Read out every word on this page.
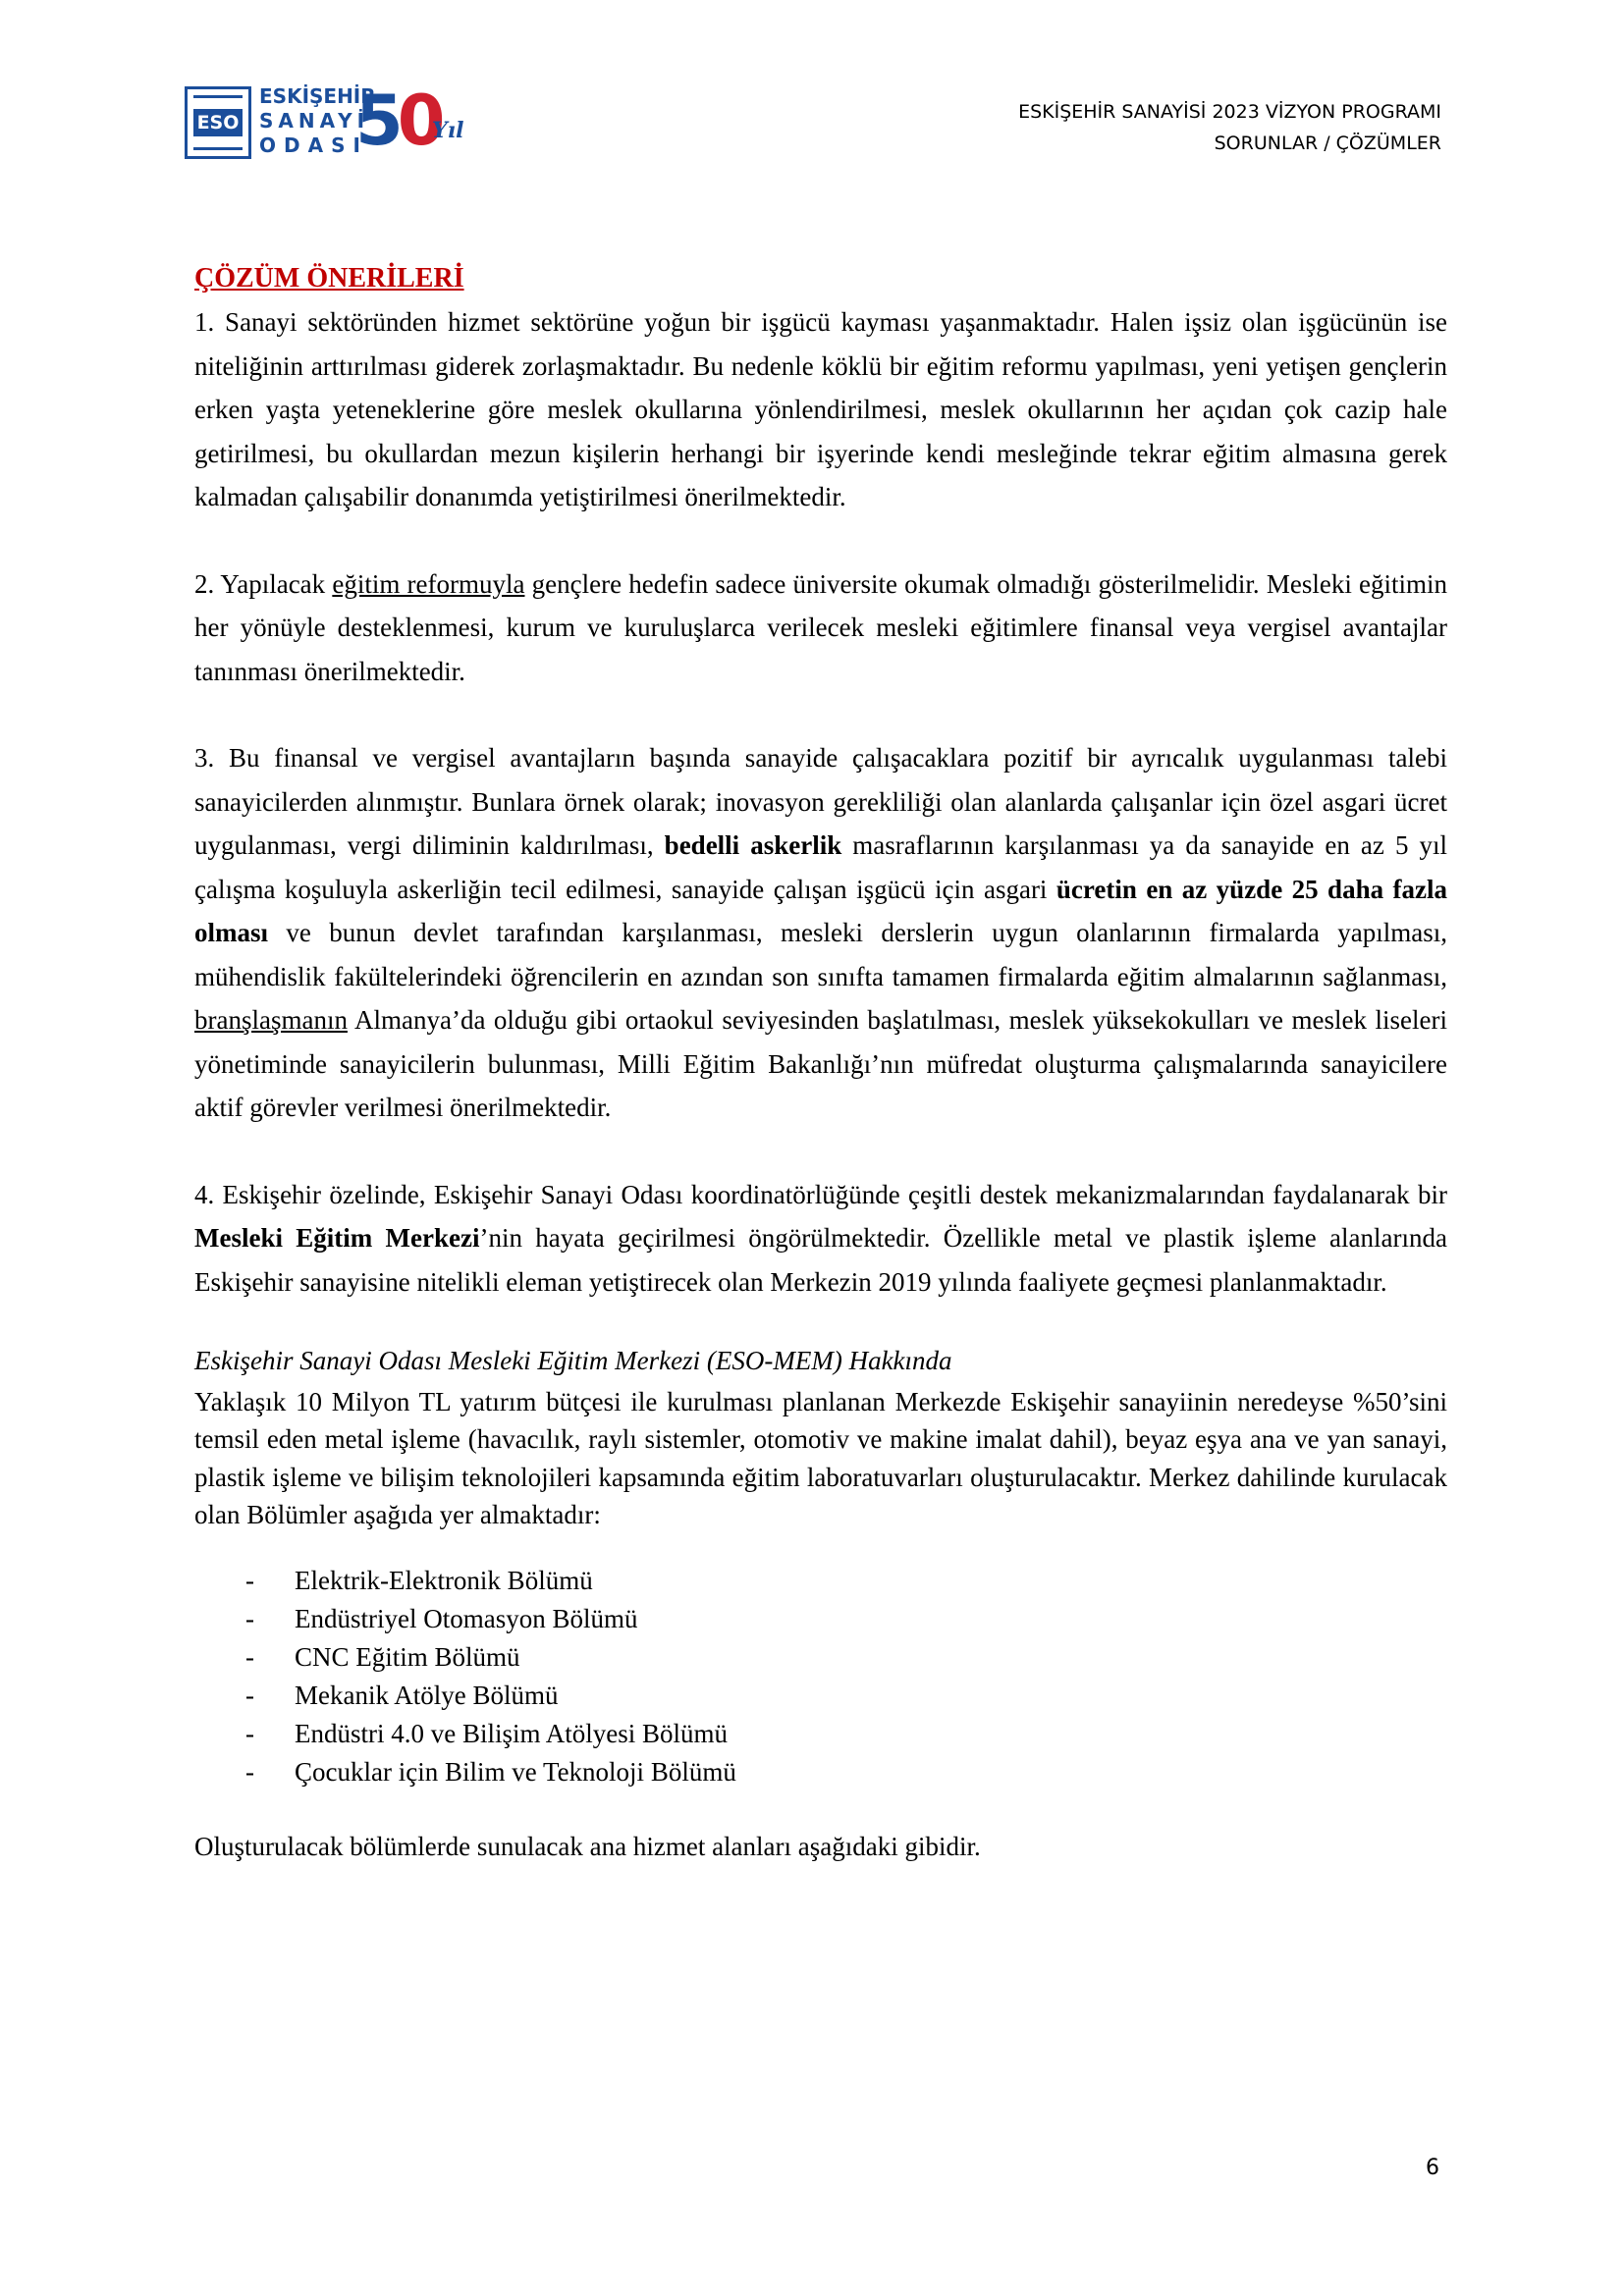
ESO
ESKİŞEHİR
SANAYİ
ODASI
50
Yıl
ESKİŞEHİR SANAYİSİ 2023 VİZYON PROGRAMI
SORUNLAR / ÇÖZÜMLER

ÇÖZÜM ÖNERİLERİ

1. Sanayi sektöründen hizmet sektörüne yoğun bir işgücü kayması yaşanmaktadır. Halen işsiz olan işgücünün ise niteliğinin arttırılması giderek zorlaşmaktadır. Bu nedenle köklü bir eğitim reformu yapılması, yeni yetişen gençlerin erken yaşta yeteneklerine göre meslek okullarına yönlendirilmesi, meslek okullarının her açıdan çok cazip hale getirilmesi, bu okullardan mezun kişilerin herhangi bir işyerinde kendi mesleğinde tekrar eğitim almasına gerek kalmadan çalışabilir donanımda yetiştirilmesi önerilmektedir.

2. Yapılacak eğitim reformuyla gençlere hedefin sadece üniversite okumak olmadığı gösterilmelidir. Mesleki eğitimin her yönüyle desteklenmesi, kurum ve kuruluşlarca verilecek mesleki eğitimlere finansal veya vergisel avantajlar tanınması önerilmektedir.

3. Bu finansal ve vergisel avantajların başında sanayide çalışacaklara pozitif bir ayrıcalık uygulanması talebi sanayicilerden alınmıştır. Bunlara örnek olarak; inovasyon gerekliliği olan alanlarda çalışanlar için özel asgari ücret uygulanması, vergi diliminin kaldırılması, bedelli askerlik masraflarının karşılanması ya da sanayide en az 5 yıl çalışma koşuluyla askerliğin tecil edilmesi, sanayide çalışan işgücü için asgari ücretin en az yüzde 25 daha fazla olması ve bunun devlet tarafından karşılanması, mesleki derslerin uygun olanlarının firmalarda yapılması, mühendislik fakültelerindeki öğrencilerin en azından son sınıfta tamamen firmalarda eğitim almalarının sağlanması, branşlaşmanın Almanya’da olduğu gibi ortaokul seviyesinden başlatılması, meslek yüksekokulları ve meslek liseleri yönetiminde sanayicilerin bulunması, Milli Eğitim Bakanlığı’nın müfredat oluşturma çalışmalarında sanayicilere aktif görevler verilmesi önerilmektedir.

4. Eskişehir özelinde, Eskişehir Sanayi Odası koordinatörlüğünde çeşitli destek mekanizmalarından faydalanarak bir Mesleki Eğitim Merkezi’nin hayata geçirilmesi öngörülmektedir. Özellikle metal ve plastik işleme alanlarında Eskişehir sanayisine nitelikli eleman yetiştirecek olan Merkezin 2019 yılında faaliyete geçmesi planlanmaktadır.

Eskişehir Sanayi Odası Mesleki Eğitim Merkezi (ESO-MEM) Hakkında

Yaklaşık 10 Milyon TL yatırım bütçesi ile kurulması planlanan Merkezde Eskişehir sanayiinin neredeyse %50’sini temsil eden metal işleme (havacılık, raylı sistemler, otomotiv ve makine imalat dahil), beyaz eşya ana ve yan sanayi, plastik işleme ve bilişim teknolojileri kapsamında eğitim laboratuvarları oluşturulacaktır. Merkez dahilinde kurulacak olan Bölümler aşağıda yer almaktadır:

- Elektrik-Elektronik Bölümü
- Endüstriyel Otomasyon Bölümü
- CNC Eğitim Bölümü
- Mekanik Atölye Bölümü
- Endüstri 4.0 ve Bilişim Atölyesi Bölümü
- Çocuklar için Bilim ve Teknoloji Bölümü

Oluşturulacak bölümlerde sunulacak ana hizmet alanları aşağıdaki gibidir.

6
